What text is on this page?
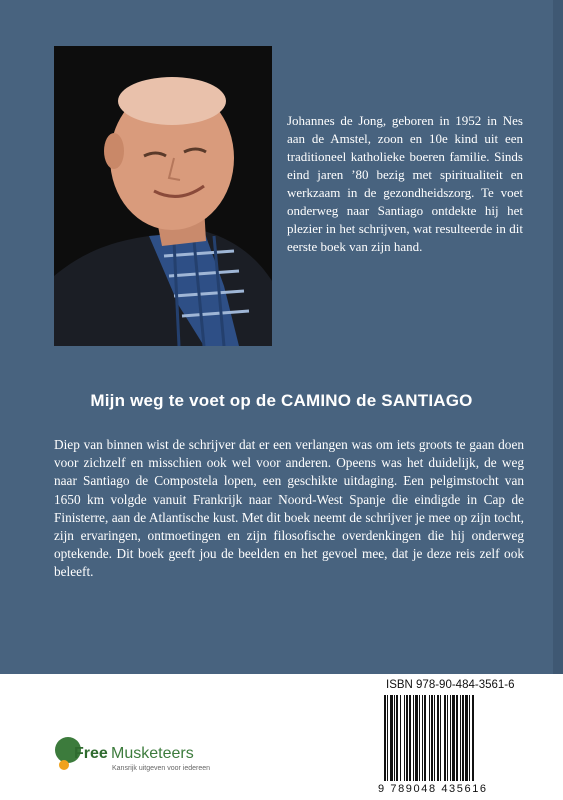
Johannes de Jong, geboren in 1952 in Nes aan de Amstel, zoon en 10e kind uit een traditioneel katholieke boeren familie. Sinds eind jaren ’80 bezig met spiritualiteit en werkzaam in de gezondheidszorg. Te voet onderweg naar Santiago ontdekte hij het plezier in het schrijven, wat resulteerde in dit eerste boek van zijn hand.
Mijn weg te voet op de CAMINO de SANTIAGO
Diep van binnen wist de schrijver dat er een verlangen was om iets groots te gaan doen voor zichzelf en misschien ook wel voor anderen. Opeens was het duidelijk, de weg naar Santiago de Compostela lopen, een geschikte uitdaging. Een pelgimstocht van 1650 km volgde vanuit Frankrijk naar Noord-West Spanje die eindigde in Cap de Finisterre, aan de Atlantische kust. Met dit boek neemt de schrijver je mee op zijn tocht, zijn ervaringen, ontmoetingen en zijn filosofische overdenkingen die hij onderweg optekende. Dit boek geeft jou de beelden en het gevoel mee, dat je deze reis zelf ook beleeft.
Free Musketeers
Kansrijk uitgeven voor iedereen
ISBN 978-90-484-3561-6
9 789048 435616
